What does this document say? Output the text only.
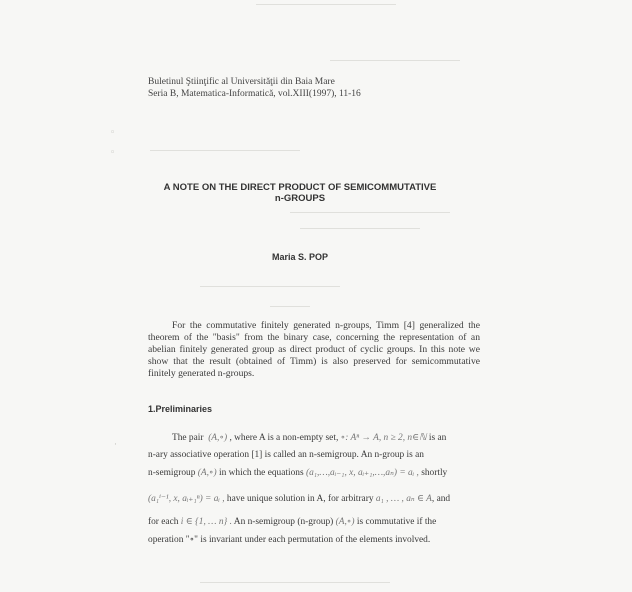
◦
◦
·
Buletinul Ştiinţific al Universităţii din Baia Mare
Seria B, Matematica-Informatică, vol.XIII(1997), 11-16
A NOTE ON THE DIRECT PRODUCT OF SEMICOMMUTATIVE
n-GROUPS
Maria S. POP
For the commutative finitely generated n-groups, Timm [4] generalized the theorem of the "basis" from the binary case, concerning the representation of an abelian finitely generated group as direct product of cyclic groups. In this note we show that the result (obtained of Timm) is also preserved for semicommutative finitely generated n-groups.
1.Preliminaries
The pair (A,∘) , where A is a non-empty set, ∘: Aⁿ → A, n ≥ 2, n∈ℕ is an
n-ary associative operation [1] is called an n-semigroup. An n-group is an
n-semigroup (A,∘) in which the equations (a₁,…,aᵢ₋₁, x, aᵢ₊₁,…,aₙ) = aᵢ , shortly
(a₁ⁱ⁻¹, x, aᵢ₊₁ⁿ) = aᵢ , have unique solution in A, for arbitrary a₁ , … , aₙ ∈ A, and
for each i ∈ {1, … n} . An n-semigroup (n-group) (A,∘) is commutative if the
operation "∘" is invariant under each permutation of the elements involved.
